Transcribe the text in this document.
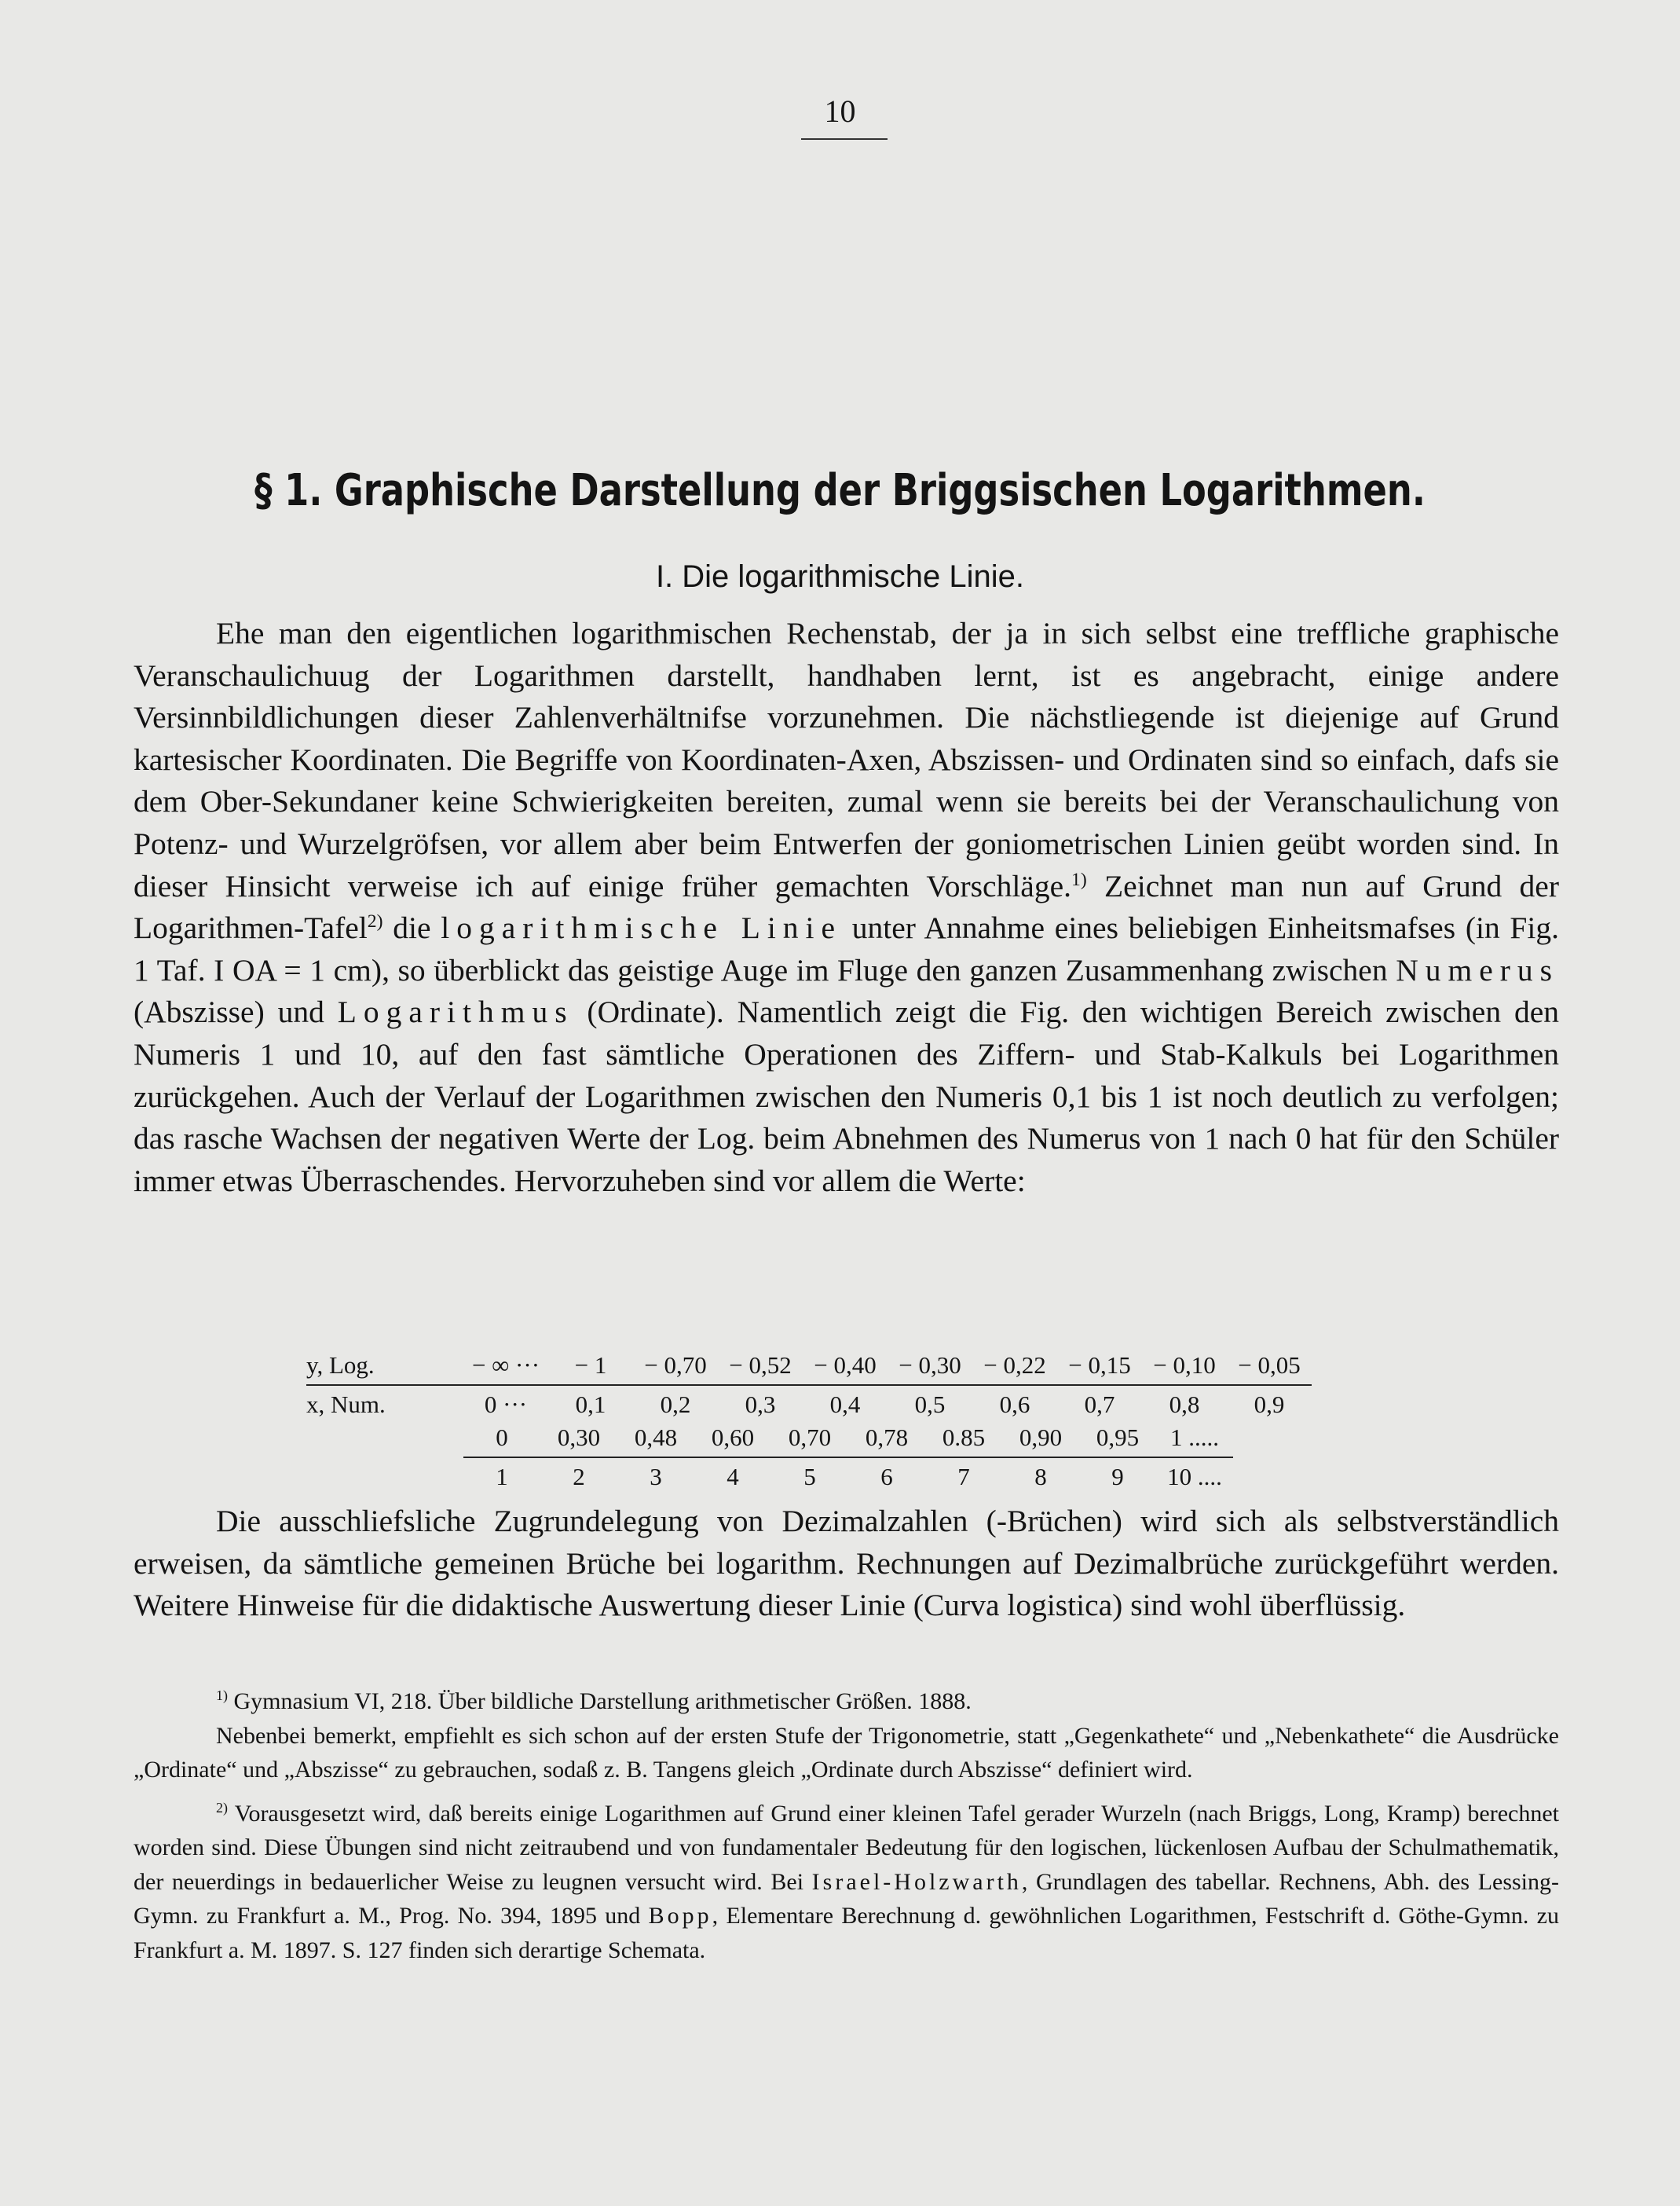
10
§ 1. Graphische Darstellung der Briggsischen Logarithmen.
I. Die logarithmische Linie.

Ehe man den eigentlichen logarithmischen Rechenstab, der ja in sich selbst eine treffliche graphische Veranschaulichuug der Logarithmen darstellt, handhaben lernt, ist es angebracht, einige andere Versinnbildlichungen dieser Zahlenverhältnifse vorzunehmen. Die nächstliegende ist diejenige auf Grund kartesischer Koordinaten. Die Begriffe von Koordinaten-Axen, Abszissen- und Ordinaten sind so einfach, dafs sie dem Ober-Sekundaner keine Schwierigkeiten bereiten, zumal wenn sie bereits bei der Veranschaulichung von Potenz- und Wurzelgröfsen, vor allem aber beim Entwerfen der goniometrischen Linien geübt worden sind. In dieser Hinsicht verweise ich auf einige früher gemachten Vorschläge.$^{1)}$ Zeichnet man nun auf Grund der Logarithmen-Tafel$^{2)}$ die logarithmische Linie unter Annahme eines beliebigen Einheitsmafses (in Fig. 1 Taf. I OA = 1 cm), so überblickt das geistige Auge im Fluge den ganzen Zusammenhang zwischen Numerus (Abszisse) und Logarithmus (Ordinate). Namentlich zeigt die Fig. den wichtigen Bereich zwischen den Numeris 1 und 10, auf den fast sämtliche Operationen des Ziffern- und Stab-Kalkuls bei Logarithmen zurückgehen. Auch der Verlauf der Logarithmen zwischen den Numeris 0,1 bis 1 ist noch deutlich zu verfolgen; das rasche Wachsen der negativen Werte der Log. beim Abnehmen des Numerus von 1 nach 0 hat für den Schüler immer etwas Überraschendes. Hervorzuheben sind vor allem die Werte:

y, Log.	− ∞ ···	− 1	− 0,70	− 0,52	− 0,40	− 0,30	− 0,22	− 0,15	− 0,10	− 0,05
x, Num.	0 ···	0,1	0,2	0,3	0,4	0,5	0,6	0,7	0,8	0,9
0	0,30	0,48	0,60	0,70	0,78	0.85	0,90	0,95	1 .....
1	2	3	4	5	6	7	8	9	10 ....

Die ausschliefsliche Zugrundelegung von Dezimalzahlen (-Brüchen) wird sich als selbstverständlich erweisen, da sämtliche gemeinen Brüche bei logarithm. Rechnungen auf Dezimalbrüche zurückgeführt werden. Weitere Hinweise für die didaktische Auswertung dieser Linie (Curva logistica) sind wohl überflüssig.

$^{1)}$ Gymnasium VI, 218. Über bildliche Darstellung arithmetischer Größen. 1888.

Nebenbei bemerkt, empfiehlt es sich schon auf der ersten Stufe der Trigonometrie, statt „Gegenkathete“ und „Nebenkathete“ die Ausdrücke „Ordinate“ und „Abszisse“ zu gebrauchen, sodaß z. B. Tangens gleich „Ordinate durch Abszisse“ definiert wird.

$^{2)}$ Vorausgesetzt wird, daß bereits einige Logarithmen auf Grund einer kleinen Tafel gerader Wurzeln (nach Briggs, Long, Kramp) berechnet worden sind. Diese Übungen sind nicht zeitraubend und von fundamentaler Bedeutung für den logischen, lückenlosen Aufbau der Schulmathematik, der neuerdings in bedauerlicher Weise zu leugnen versucht wird. Bei Israel-Holzwarth, Grundlagen des tabellar. Rechnens, Abh. des Lessing-Gymn. zu Frankfurt a. M., Prog. No. 394, 1895 und Bopp, Elementare Berechnung d. gewöhnlichen Logarithmen, Festschrift d. Göthe-Gymn. zu Frankfurt a. M. 1897. S. 127 finden sich derartige Schemata.
